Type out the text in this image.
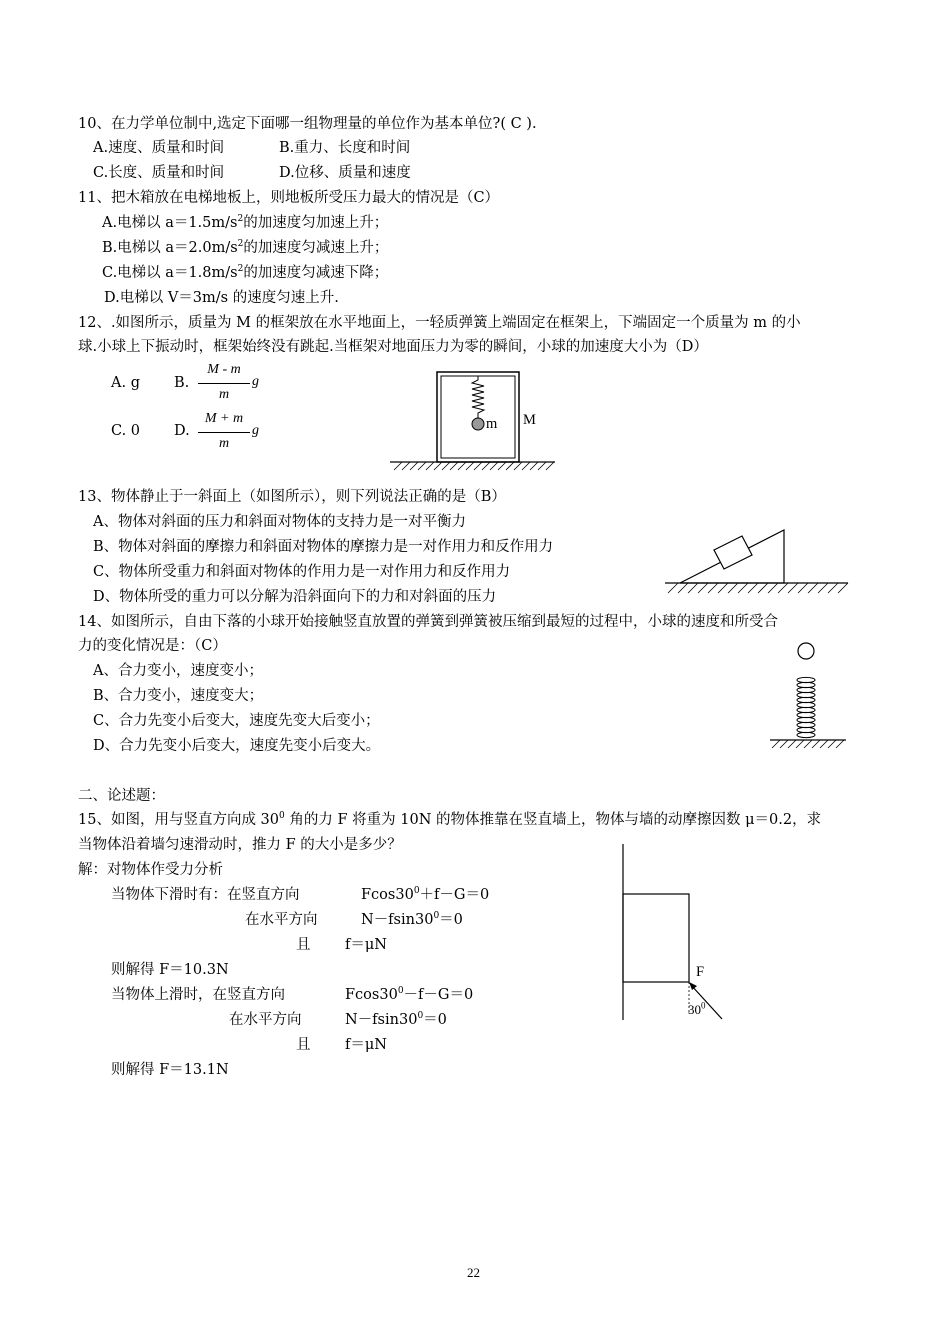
10、在力学单位制中,选定下面哪一组物理量的单位作为基本单位?( C ).
A.速度、质量和时间	B.重力、长度和时间
C.长度、质量和时间	D.位移、质量和速度
11、把木箱放在电梯地板上，则地板所受压力最大的情况是（C）
A.电梯以 $a=1.5m/s^2$的加速度匀加速上升；
B.电梯以 $a=2.0m/s^2$的加速度匀减速上升；
C.电梯以 $a=1.8m/s^2$的加速度匀减速下降；
D.电梯以 V＝3m/s 的速度匀速上升.
12、.如图所示，质量为 M 的框架放在水平地面上，一轻质弹簧上端固定在框架上，下端固定一个质量为 m 的小
球.小球上下振动时，框架始终没有跳起.当框架对地面压力为零的瞬间，小球的加速度大小为（D）
A. g B.
M - m
m
g
C. 0 D.
M + m
m
g	m M
13、物体静止于一斜面上（如图所示），则下列说法正确的是（B）
A、物体对斜面的压力和斜面对物体的支持力是一对平衡力
B、物体对斜面的摩擦力和斜面对物体的摩擦力是一对作用力和反作用力
C、物体所受重力和斜面对物体的作用力是一对作用力和反作用力
D、物体所受的重力可以分解为沿斜面向下的力和对斜面的压力
14、如图所示，自由下落的小球开始接触竖直放置的弹簧到弹簧被压缩到最短的过程中，小球的速度和所受合
力的变化情况是：（C）
A、合力变小，速度变小；
B、合力变小，速度变大；
C、合力先变小后变大，速度先变大后变小；
D、合力先变小后变大，速度先变小后变大。
二、论述题：
15、如图，用与竖直方向成 $30^0$ 角的力 F 将重为 10N 的物体推靠在竖直墙上，物体与墙的动摩擦因数 μ＝0.2，求
当物体沿着墙匀速滑动时，推力 F 的大小是多少？
解：对物体作受力分析
当物体下滑时有：在竖直方向	$Fcos30^0+f-G=0$
在水平方向	$N-fsin30^0=0$
且 f＝μN
则解得 F＝10.3N
当物体上滑时，在竖直方向	$Fcos30^0-f-G=0$
在水平方向	$N-fsin30^0=0$
且 f＝μN
则解得 F＝13.1N
F
$30^0$
22
